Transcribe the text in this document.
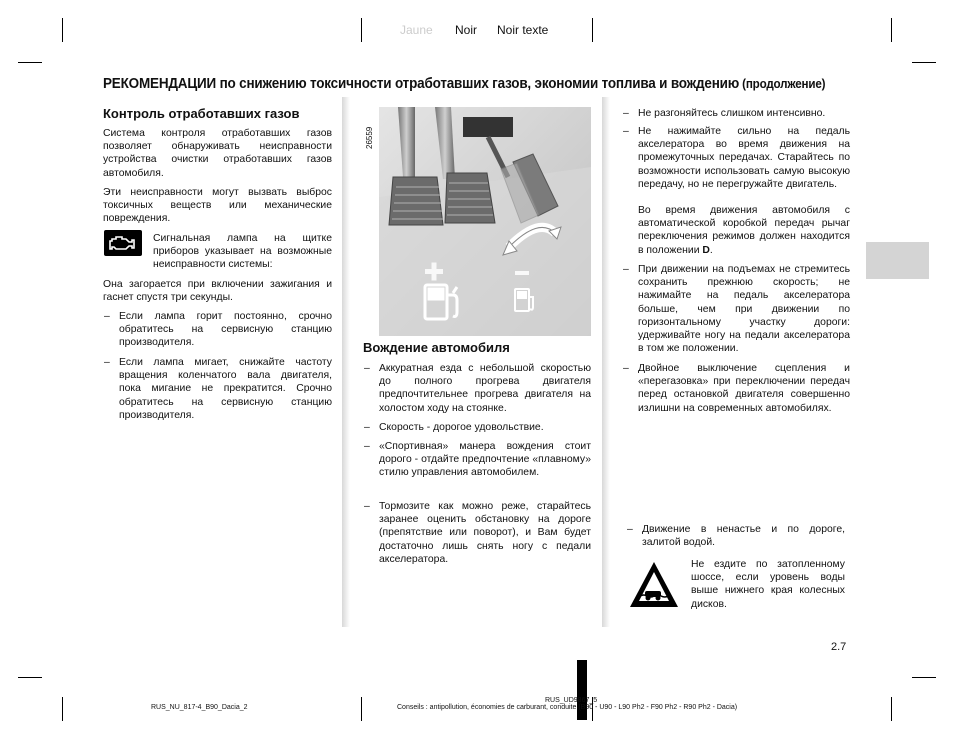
Jaune Noir Noir texte
РЕКОМЕНДАЦИИ по снижению токсичности отработавших газов, экономии топлива и вождению (продолжение)
Контроль отработавших газов

Система контроля отработавших газов позволяет обнаруживать неисправности устройства очистки отработавших газов автомобиля.

Эти неисправности могут вызвать выброс токсичных веществ или механические повреждения.

Сигнальная лампа на щитке приборов указывает на возможные неисправности системы:

Она загорается при включении зажигания и гаснет спустя три секунды.

– Если лампа горит постоянно, срочно обратитесь на сервисную станцию производителя.
– Если лампа мигает, снижайте частоту вращения коленчатого вала двигателя, пока мигание не прекратится. Срочно обратитесь на сервисную станцию производителя.
26559
Вождение автомобиля
– Аккуратная езда с небольшой скоростью до полного прогрева двигателя предпочтительнее прогрева двигателя на холостом ходу на стоянке.
– Скорость - дорогое удовольствие.
– «Спортивная» манера вождения стоит дорого - отдайте предпочтение «плавному» стилю управления автомобилем.
– Тормозите как можно реже, старайтесь заранее оценить обстановку на дороге (препятствие или поворот), и Вам будет достаточно лишь снять ногу с педали акселератора.
– Не разгоняйтесь слишком интенсивно.
– Не нажимайте сильно на педаль акселератора во время движения на промежуточных передачах. Старайтесь по возможности использовать самую высокую передачу, но не перегружайте двигатель.
Во время движения автомобиля с автоматической коробкой передач рычаг переключения режимов должен находится в положении D.
– При движении на подъемах не стремитесь сохранить прежнюю скорость; не нажимайте на педаль акселератора больше, чем при движении по горизонтальному участку дороги: удерживайте ногу на педали акселератора в том же положении.
– Двойное выключение сцепления и «перегазовка» при переключении передач перед остановкой двигателя совершенно излишни на современных автомобилях.
– Движение в ненастье и по дороге, залитой водой.

Не ездите по затопленному шоссе, если уровень воды выше нижнего края колесных дисков.

2.7
RUS_NU_817-4_B90_Dacia_2
RUS_UD9867_5
Conseils : antipollution, économies de carburant, conduite (B90 - U90 - L90 Ph2 - F90 Ph2 - R90 Ph2 - Dacia)
